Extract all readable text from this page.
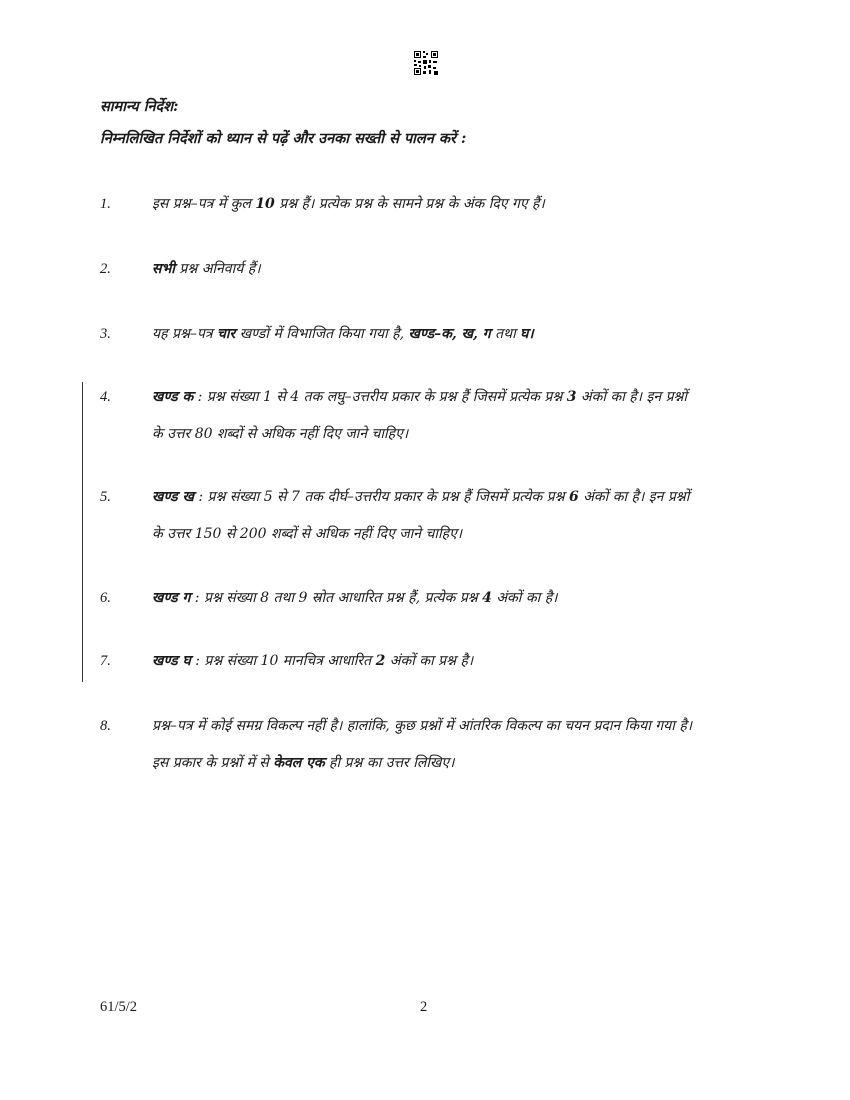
सामान्य निर्देश:
निम्नलिखित निर्देशों को ध्यान से पढ़ें और उनका सख्ती से पालन करें :
1.	इस प्रश्न–पत्र में कुल 10 प्रश्न हैं। प्रत्येक प्रश्न के सामने प्रश्न के अंक दिए गए हैं।
2.	सभी प्रश्न अनिवार्य हैं।
3.	यह प्रश्न–पत्र चार खण्डों में विभाजित किया गया है, खण्ड–क, ख, ग तथा घ।
4.	खण्ड क : प्रश्न संख्या 1 से 4 तक लघु–उत्तरीय प्रकार के प्रश्न हैं जिसमें प्रत्येक प्रश्न 3 अंकों का है। इन प्रश्नों के उत्तर 80 शब्दों से अधिक नहीं दिए जाने चाहिए।
5.	खण्ड ख : प्रश्न संख्या 5 से 7 तक दीर्घ–उत्तरीय प्रकार के प्रश्न हैं जिसमें प्रत्येक प्रश्न 6 अंकों का है। इन प्रश्नों के उत्तर 150 से 200 शब्दों से अधिक नहीं दिए जाने चाहिए।
6.	खण्ड ग : प्रश्न संख्या 8 तथा 9 स्रोत आधारित प्रश्न हैं, प्रत्येक प्रश्न 4 अंकों का है।
7.	खण्ड घ : प्रश्न संख्या 10 मानचित्र आधारित 2 अंकों का प्रश्न है।
8.	प्रश्न–पत्र में कोई समग्र विकल्प नहीं है। हालांकि, कुछ प्रश्नों में आंतरिक विकल्प का चयन प्रदान किया गया है। इस प्रकार के प्रश्नों में से केवल एक ही प्रश्न का उत्तर लिखिए।
61/5/2	2
